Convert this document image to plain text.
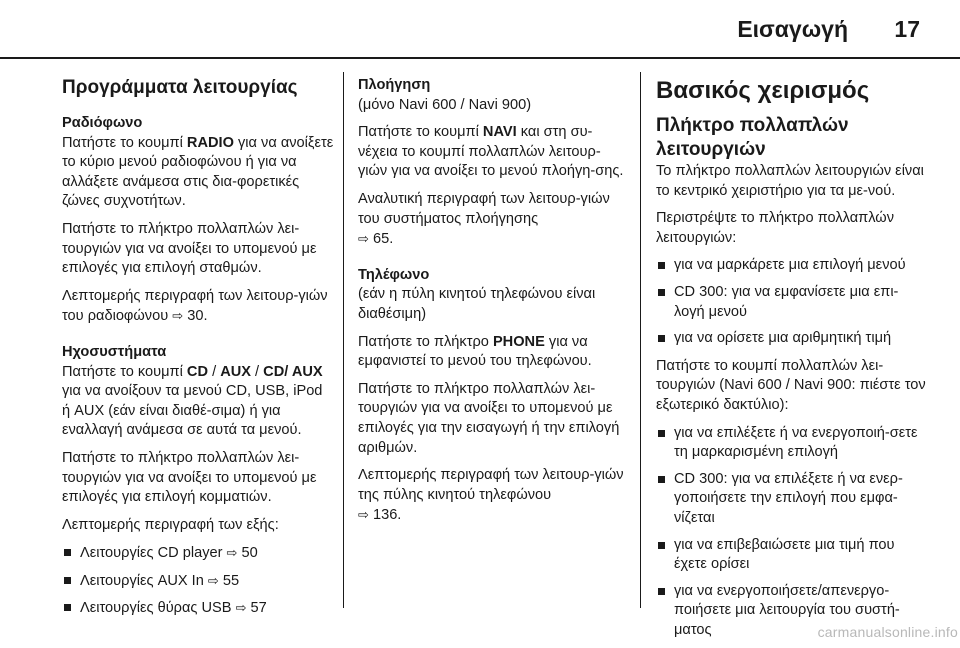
Εισαγωγή 17
Προγράμματα λειτουργίας
Ραδιόφωνο

Πατήστε το κουμπί RADIO για να ανοίξετε το κύριο μενού ραδιοφώνου ή για να αλλάξετε ανάμεσα στις δια-φορετικές ζώνες συχνοτήτων.

Πατήστε το πλήκτρο πολλαπλών λει-τουργιών για να ανοίξει το υπομενού με επιλογές για επιλογή σταθμών.

Λεπτομερής περιγραφή των λειτουρ-γιών του ραδιοφώνου ⇨ 30.

Ηχοσυστήματα

Πατήστε το κουμπί CD / AUX / CD/ AUX για να ανοίξουν τα μενού CD, USB, iPod ή AUX (εάν είναι διαθέ-σιμα) ή για εναλλαγή ανάμεσα σε αυτά τα μενού.

Πατήστε το πλήκτρο πολλαπλών λει-τουργιών για να ανοίξει το υπομενού με επιλογές για επιλογή κομματιών.

Λεπτομερής περιγραφή των εξής:

Λειτουργίες CD player ⇨ 50
Λειτουργίες AUX In ⇨ 55
Λειτουργίες θύρας USB ⇨ 57
Πλοήγηση

(μόνο Navi 600 / Navi 900)

Πατήστε το κουμπί NAVI και στη συ-νέχεια το κουμπί πολλαπλών λειτουρ-γιών για να ανοίξει το μενού πλοήγη-σης.

Αναλυτική περιγραφή των λειτουρ-γιών του συστήματος πλοήγησης
⇨ 65.

Τηλέφωνο

(εάν η πύλη κινητού τηλεφώνου είναι διαθέσιμη)

Πατήστε το πλήκτρο PHONE για να εμφανιστεί το μενού του τηλεφώνου.

Πατήστε το πλήκτρο πολλαπλών λει-τουργιών για να ανοίξει το υπομενού με επιλογές για την εισαγωγή ή την επιλογή αριθμών.

Λεπτομερής περιγραφή των λειτουρ-γιών της πύλης κινητού τηλεφώνου
⇨ 136.

Βασικός χειρισμός
Πλήκτρο πολλαπλών λειτουργιών

Το πλήκτρο πολλαπλών λειτουργιών είναι το κεντρικό χειριστήριο για τα με-νού.

Περιστρέψτε το πλήκτρο πολλαπλών λειτουργιών:

για να μαρκάρετε μια επιλογή μενού
CD 300: για να εμφανίσετε μια επι-λογή μενού
για να ορίσετε μια αριθμητική τιμή

Πατήστε το κουμπί πολλαπλών λει-τουργιών (Navi 600 / Navi 900: πιέστε τον εξωτερικό δακτύλιο):

για να επιλέξετε ή να ενεργοποιή-σετε τη μαρκαρισμένη επιλογή
CD 300: για να επιλέξετε ή να ενερ-γοποιήσετε την επιλογή που εμφα-νίζεται
για να επιβεβαιώσετε μια τιμή που έχετε ορίσει
για να ενεργοποιήσετε/απενεργο-ποιήσετε μια λειτουργία του συστή-ματος	carmanualsonline.info
